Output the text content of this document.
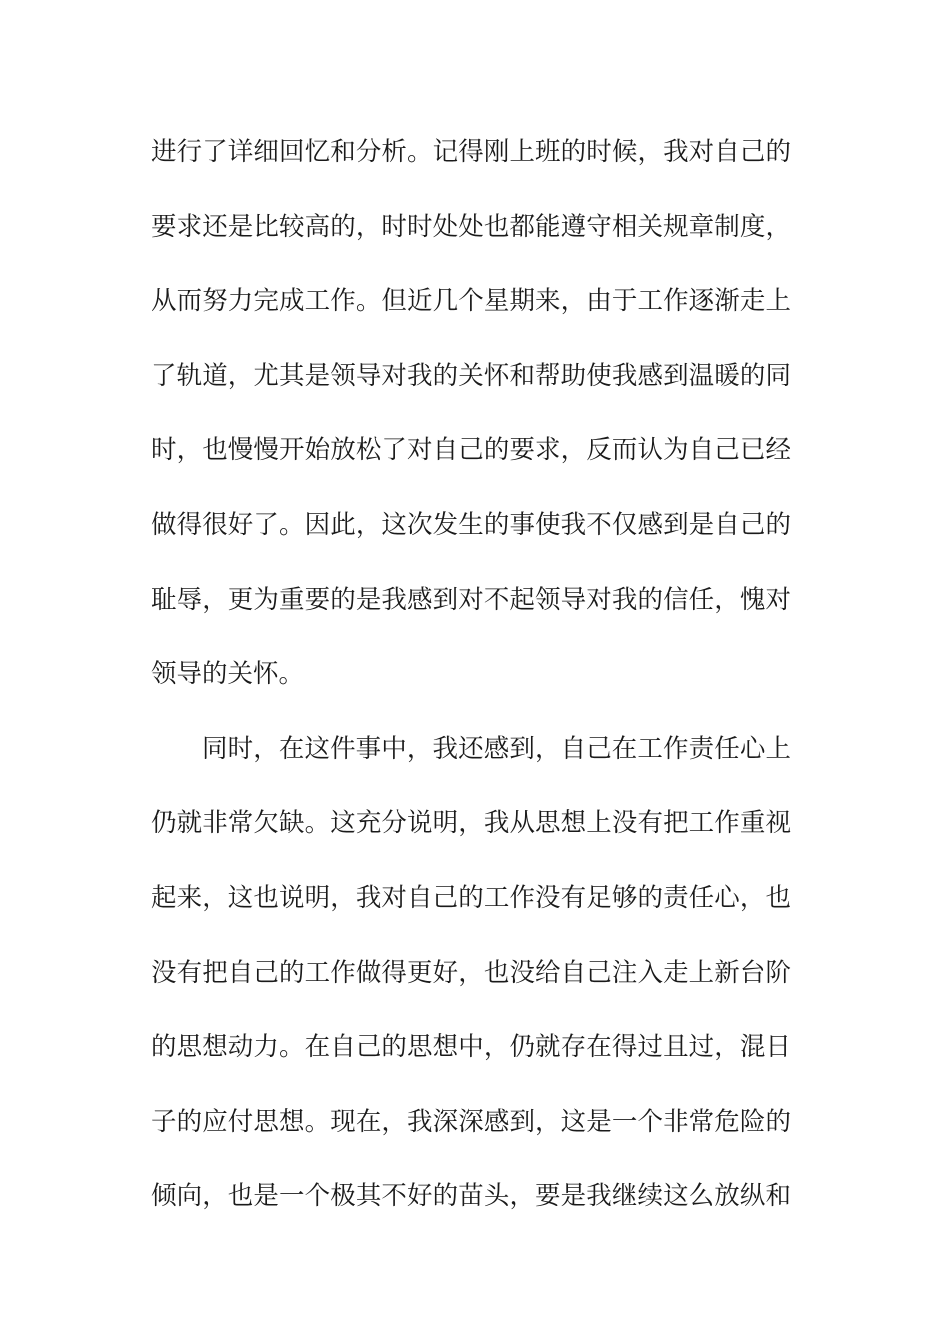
进行了详细回忆和分析。记得刚上班的时候，我对自己的
要求还是比较高的，时时处处也都能遵守相关规章制度，
从而努力完成工作。但近几个星期来，由于工作逐渐走上
了轨道，尤其是领导对我的关怀和帮助使我感到温暖的同
时，也慢慢开始放松了对自己的要求，反而认为自己已经
做得很好了。因此，这次发生的事使我不仅感到是自己的
耻辱，更为重要的是我感到对不起领导对我的信任，愧对
领导的关怀。
同时，在这件事中，我还感到，自己在工作责任心上
仍就非常欠缺。这充分说明，我从思想上没有把工作重视
起来，这也说明，我对自己的工作没有足够的责任心，也
没有把自己的工作做得更好，也没给自己注入走上新台阶
的思想动力。在自己的思想中，仍就存在得过且过，混日
子的应付思想。现在，我深深感到，这是一个非常危险的
倾向，也是一个极其不好的苗头，要是我继续这么放纵和
